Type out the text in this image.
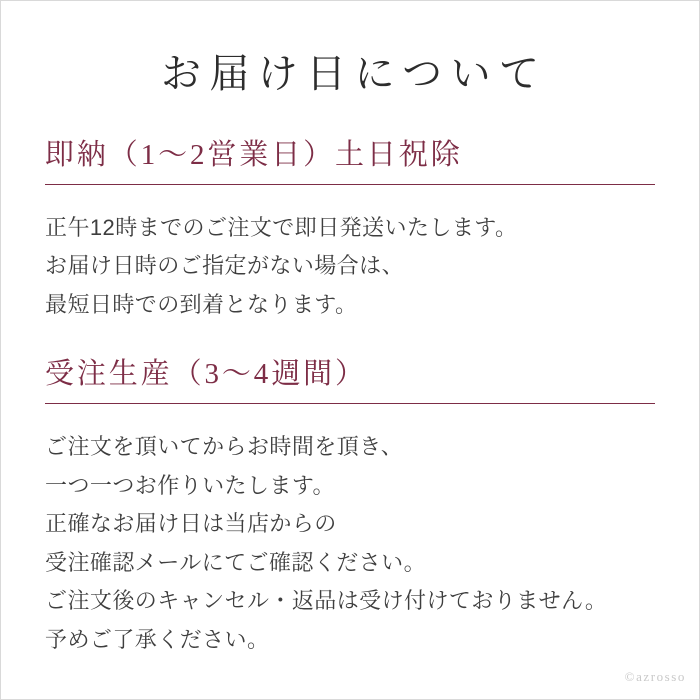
お届け日について
即納（1～2営業日）土日祝除
正午12時までのご注文で即日発送いたします。
お届け日時のご指定がない場合は、
最短日時での到着となります。
受注生産（3～4週間）
ご注文を頂いてからお時間を頂き、
一つ一つお作りいたします。
正確なお届け日は当店からの
受注確認メールにてご確認ください。
ご注文後のキャンセル・返品は受け付けておりません。
予めご了承ください。
©azrosso
